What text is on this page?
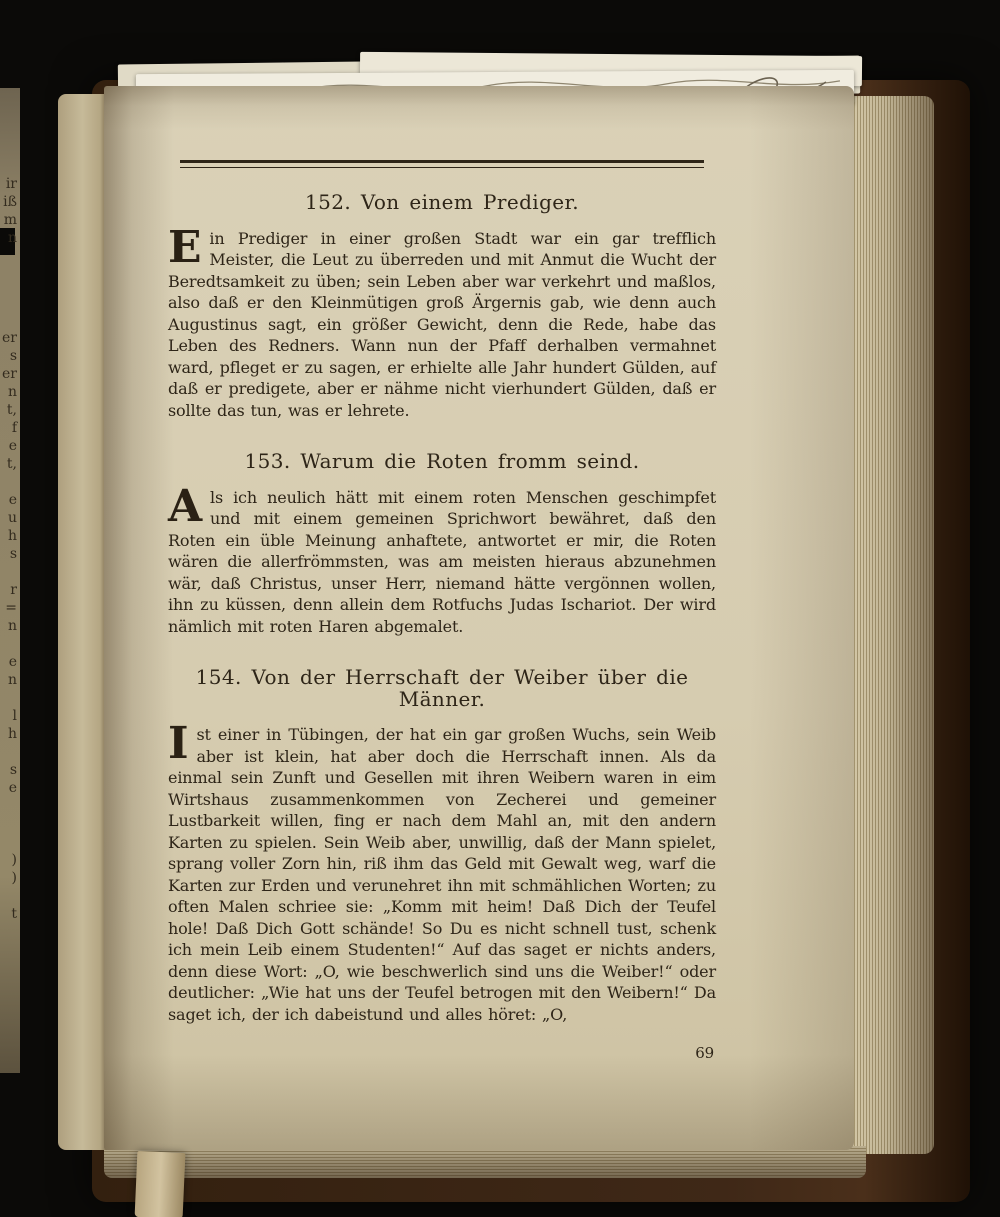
ir
iß
m
n
er
s
er
n
t,
f
e
t,
e
u
h
s
r
=
n
e
n
l
h
s
e
)
)
t
152. Von einem Prediger.

Ein Prediger in einer großen Stadt war ein gar trefflich Meister, die Leut zu überreden und mit Anmut die Wucht der Beredtsamkeit zu üben; sein Leben aber war verkehrt und maßlos, also daß er den Kleinmütigen groß Ärgernis gab, wie denn auch Augustinus sagt, ein größer Gewicht, denn die Rede, habe das Leben des Redners. Wann nun der Pfaff derhalben vermahnet ward, pfleget er zu sagen, er erhielte alle Jahr hundert Gülden, auf daß er predigete, aber er nähme nicht vierhundert Gülden, daß er sollte das tun, was er lehrete.

153. Warum die Roten fromm seind.

Als ich neulich hätt mit einem roten Menschen geschimpfet und mit einem gemeinen Sprichwort bewähret, daß den Roten ein üble Meinung anhaftete, antwortet er mir, die Roten wären die allerfrömmsten, was am meisten hieraus abzunehmen wär, daß Christus, unser Herr, niemand hätte vergönnen wollen, ihn zu küssen, denn allein dem Rotfuchs Judas Ischariot. Der wird nämlich mit roten Haren abgemalet.

154. Von der Herrschaft der Weiber über die Männer.

Ist einer in Tübingen, der hat ein gar großen Wuchs, sein Weib aber ist klein, hat aber doch die Herrschaft innen. Als da einmal sein Zunft und Gesellen mit ihren Weibern waren in eim Wirtshaus zusammenkommen von Zecherei und gemeiner Lustbarkeit willen, fing er nach dem Mahl an, mit den andern Karten zu spielen. Sein Weib aber, unwillig, daß der Mann spielet, sprang voller Zorn hin, riß ihm das Geld mit Gewalt weg, warf die Karten zur Erden und verunehret ihn mit schmählichen Worten; zu often Malen schriee sie: „Komm mit heim! Daß Dich der Teufel hole! Daß Dich Gott schände! So Du es nicht schnell tust, schenk ich mein Leib einem Studenten!“ Auf das saget er nichts anders, denn diese Wort: „O, wie beschwerlich sind uns die Weiber!“ oder deutlicher: „Wie hat uns der Teufel betrogen mit den Weibern!“ Da saget ich, der ich dabeistund und alles höret: „O,

69
